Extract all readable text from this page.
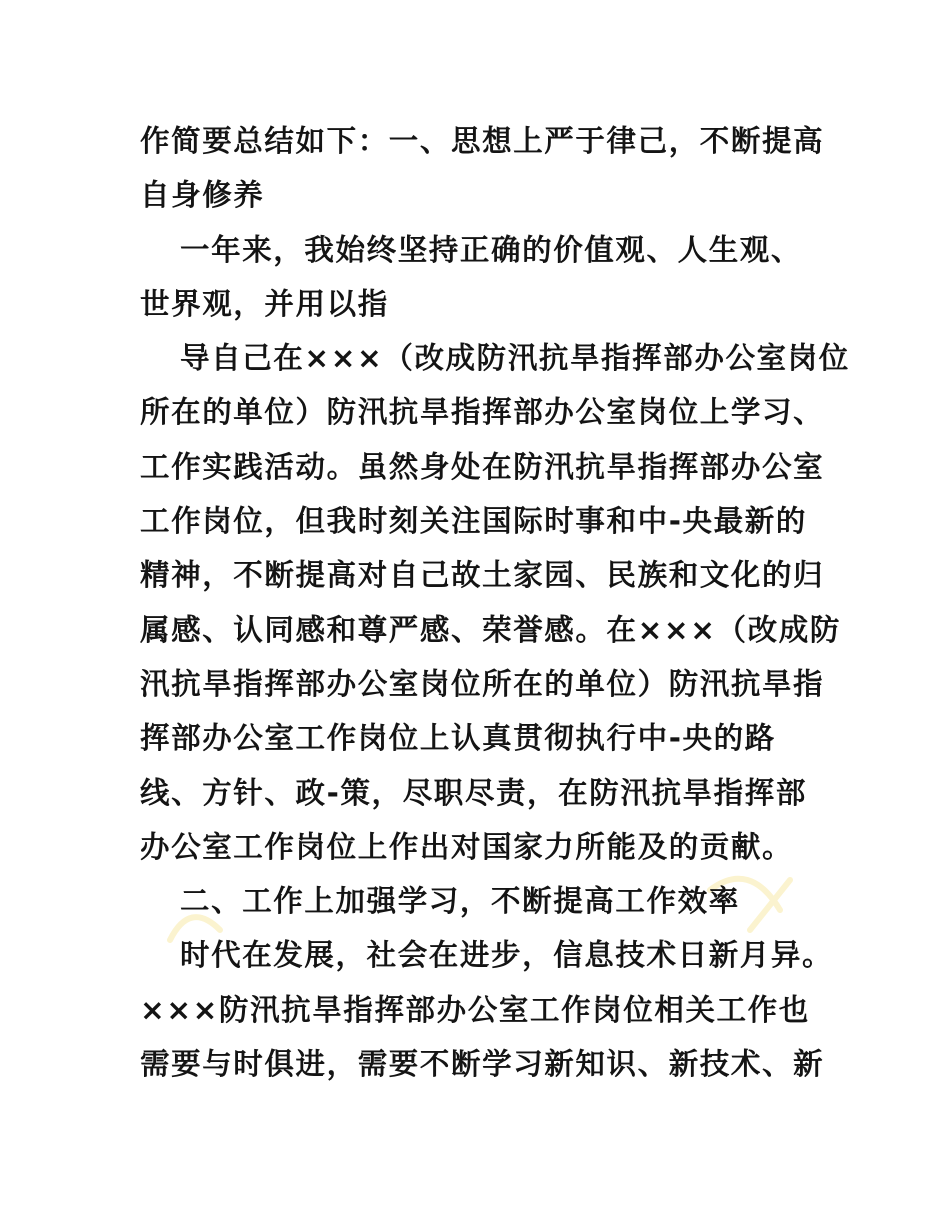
作简要总结如下：一、思想上严于律己，不断提高
自身修养
一年来，我始终坚持正确的价值观、人生观、
世界观，并用以指
导自己在×××（改成防汛抗旱指挥部办公室岗位
所在的单位）防汛抗旱指挥部办公室岗位上学习、
工作实践活动。虽然身处在防汛抗旱指挥部办公室
工作岗位，但我时刻关注国际时事和中-央最新的
精神，不断提高对自己故土家园、民族和文化的归
属感、认同感和尊严感、荣誉感。在×××（改成防
汛抗旱指挥部办公室岗位所在的单位）防汛抗旱指
挥部办公室工作岗位上认真贯彻执行中-央的路
线、方针、政-策，尽职尽责，在防汛抗旱指挥部
办公室工作岗位上作出对国家力所能及的贡献。
二、工作上加强学习，不断提高工作效率
时代在发展，社会在进步，信息技术日新月异。
×××防汛抗旱指挥部办公室工作岗位相关工作也
需要与时俱进，需要不断学习新知识、新技术、新
